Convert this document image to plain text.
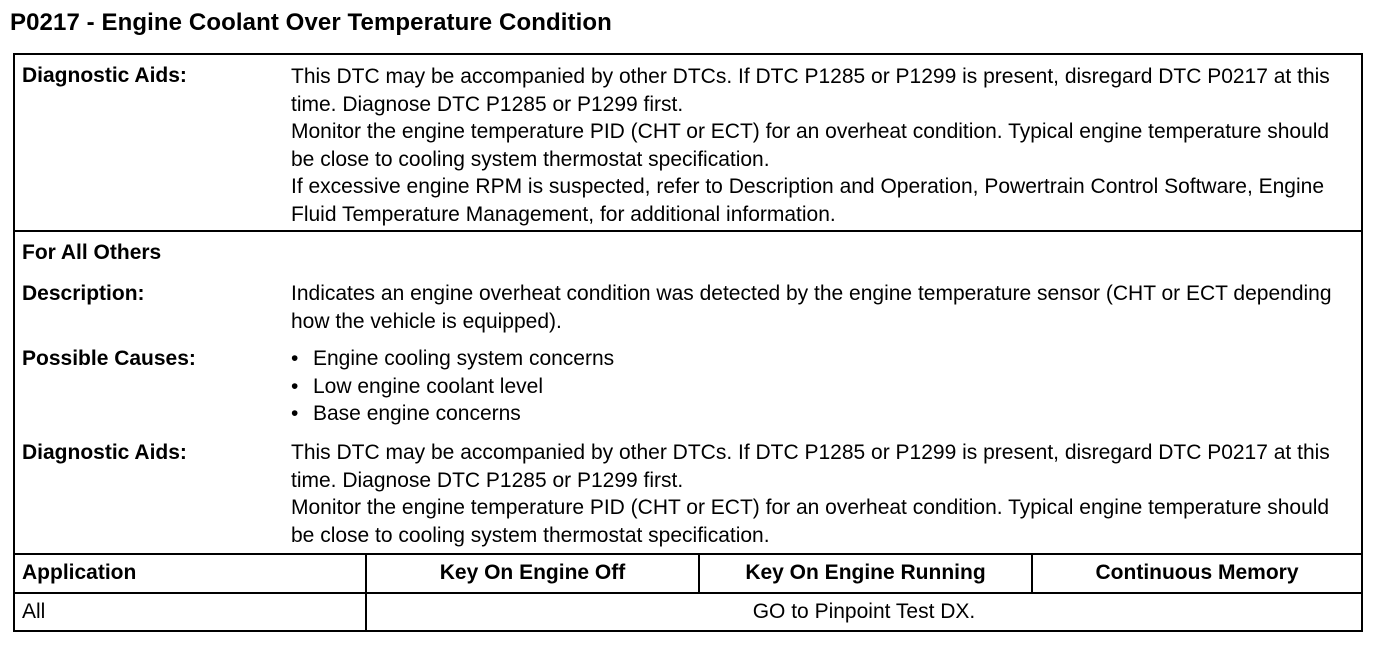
P0217 - Engine Coolant Over Temperature Condition
Diagnostic Aids:	This DTC may be accompanied by other DTCs. If DTC P1285 or P1299 is present, disregard DTC P0217 at this time. Diagnose DTC P1285 or P1299 first.

Monitor the engine temperature PID (CHT or ECT) for an overheat condition. Typical engine temperature should be close to cooling system thermostat specification.

If excessive engine RPM is suspected, refer to Description and Operation, Powertrain Control Software, Engine Fluid Temperature Management, for additional information.

For All Others
Description:	Indicates an engine overheat condition was detected by the engine temperature sensor (CHT or ECT depending how the vehicle is equipped).
Possible Causes:	• Engine cooling system concerns
• Low engine coolant level
• Base engine concerns
Diagnostic Aids:	This DTC may be accompanied by other DTCs. If DTC P1285 or P1299 is present, disregard DTC P0217 at this time. Diagnose DTC P1285 or P1299 first.

Monitor the engine temperature PID (CHT or ECT) for an overheat condition. Typical engine temperature should be close to cooling system thermostat specification.

Application	Key On Engine Off	Key On Engine Running	Continuous Memory
All	GO to Pinpoint Test DX.
